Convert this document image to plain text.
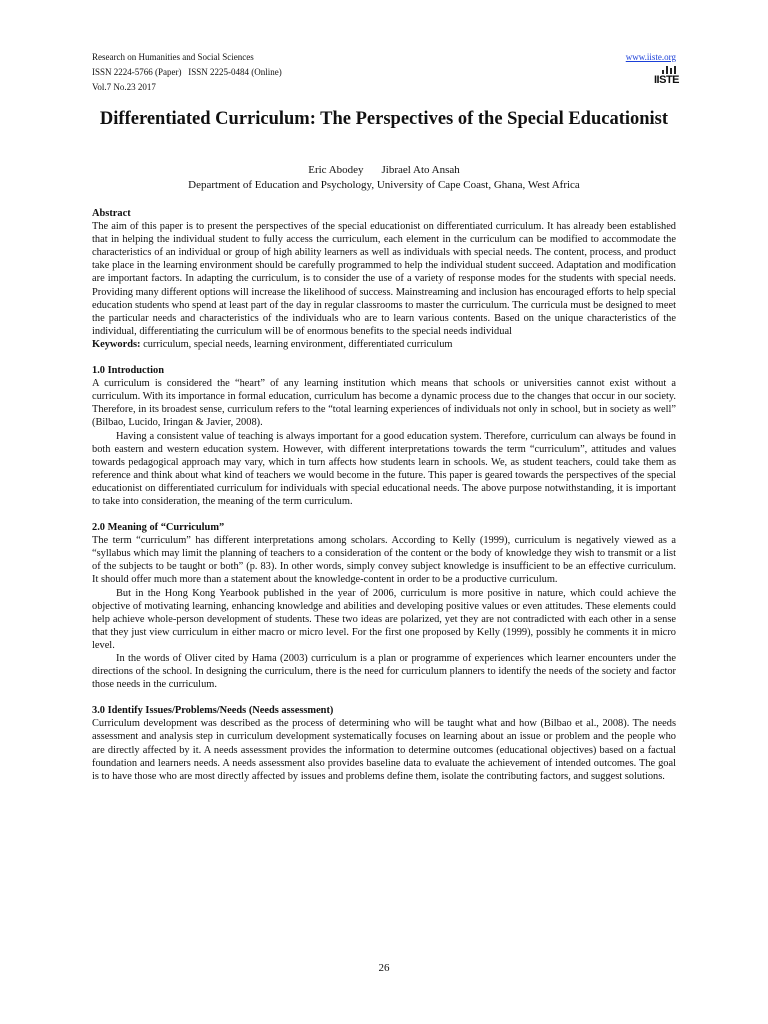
Research on Humanities and Social Sciences
ISSN 2224-5766 (Paper)   ISSN 2225-0484 (Online)
Vol.7 No.23 2017
www.iiste.org
IISTE
Differentiated Curriculum: The Perspectives of the Special Educationist
Eric Abodey Jibrael Ato Ansah
Department of Education and Psychology, University of Cape Coast, Ghana, West Africa
Abstract

The aim of this paper is to present the perspectives of the special educationist on differentiated curriculum. It has already been established that in helping the individual student to fully access the curriculum, each element in the curriculum can be modified to accommodate the characteristics of an individual or group of high ability learners as well as individuals with special needs. The content, process, and product take place in the learning environment should be carefully programmed to help the individual student succeed. Adaptation and modification are important factors. In adapting the curriculum, is to consider the use of a variety of response modes for the students with special needs. Providing many different options will increase the likelihood of success. Mainstreaming and inclusion has encouraged efforts to help special education students who spend at least part of the day in regular classrooms to master the curriculum. The curricula must be designed to meet the particular needs and characteristics of the individuals who are to learn various contents. Based on the unique characteristics of the individual, differentiating the curriculum will be of enormous benefits to the special needs individual

Keywords: curriculum, special needs, learning environment, differentiated curriculum

1.0 Introduction

A curriculum is considered the “heart” of any learning institution which means that schools or universities cannot exist without a curriculum. With its importance in formal education, curriculum has become a dynamic process due to the changes that occur in our society. Therefore, in its broadest sense, curriculum refers to the “total learning experiences of individuals not only in school, but in society as well” (Bilbao, Lucido, Iringan & Javier, 2008).

Having a consistent value of teaching is always important for a good education system. Therefore, curriculum can always be found in both eastern and western education system. However, with different interpretations towards the term “curriculum”, attitudes and values towards pedagogical approach may vary, which in turn affects how students learn in schools. We, as student teachers, could take them as reference and think about what kind of teachers we would become in the future. This paper is geared towards the perspectives of the special educationist on differentiated curriculum for individuals with special educational needs. The above purpose notwithstanding, it is important to take into consideration, the meaning of the term curriculum.

2.0 Meaning of “Curriculum”

The term “curriculum” has different interpretations among scholars. According to Kelly (1999), curriculum is negatively viewed as a “syllabus which may limit the planning of teachers to a consideration of the content or the body of knowledge they wish to transmit or a list of the subjects to be taught or both” (p. 83). In other words, simply convey subject knowledge is insufficient to be an effective curriculum. It should offer much more than a statement about the knowledge-content in order to be a productive curriculum.

But in the Hong Kong Yearbook published in the year of 2006, curriculum is more positive in nature, which could achieve the objective of motivating learning, enhancing knowledge and abilities and developing positive values or even attitudes. These elements could help achieve whole-person development of students. These two ideas are polarized, yet they are not contradicted with each other in a sense that they just view curriculum in either macro or micro level. For the first one proposed by Kelly (1999), possibly he comments it in micro level.

In the words of Oliver cited by Hama (2003) curriculum is a plan or programme of experiences which learner encounters under the directions of the school. In designing the curriculum, there is the need for curriculum planners to identify the needs of the society and factor those needs in the curriculum.

3.0 Identify Issues/Problems/Needs (Needs assessment)

Curriculum development was described as the process of determining who will be taught what and how (Bilbao et al., 2008). The needs assessment and analysis step in curriculum development systematically focuses on learning about an issue or problem and the people who are directly affected by it. A needs assessment provides the information to determine outcomes (educational objectives) based on a factual foundation and learners needs. A needs assessment also provides baseline data to evaluate the achievement of intended outcomes. The goal is to have those who are most directly affected by issues and problems define them, isolate the contributing factors, and suggest solutions.

26
